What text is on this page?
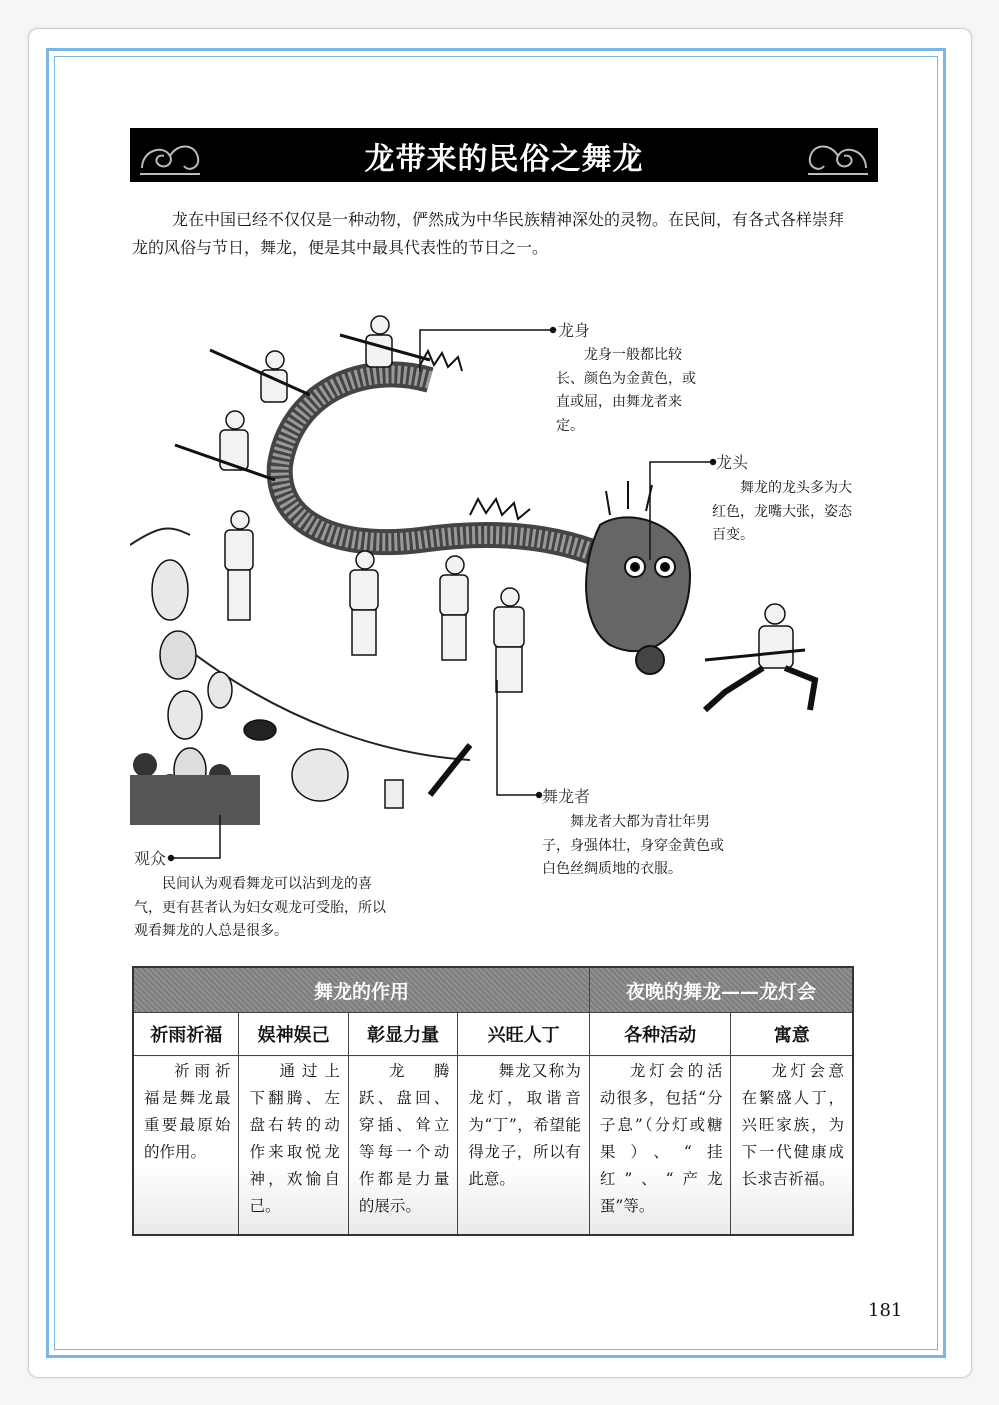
龙带来的民俗之舞龙

龙在中国已经不仅仅是一种动物，俨然成为中华民族精神深处的灵物。在民间，有各式各样崇拜龙的风俗与节日，舞龙，便是其中最具代表性的节日之一。

龙身

龙身一般都比较长、颜色为金黄色，或直或屈，由舞龙者来定。

龙头

舞龙的龙头多为大红色，龙嘴大张，姿态百变。

舞龙者

舞龙者大都为青壮年男子，身强体壮，身穿金黄色或白色丝绸质地的衣服。

观众

民间认为观看舞龙可以沾到龙的喜气，更有甚者认为妇女观龙可受胎，所以观看舞龙的人总是很多。

舞龙的作用				夜晚的舞龙——龙灯会	
祈雨祈福	娱神娱己	彰显力量	兴旺人丁	各种活动	寓意
祈雨祈福是舞龙最重要最原始的作用。	通过上下翻腾、左盘右转的动作来取悦龙神，欢愉自己。	龙腾跃、盘回、穿插、耸立等每一个动作都是力量的展示。	舞龙又称为龙灯，取谐音为“丁”，希望能得龙子，所以有此意。	龙灯会的活动很多，包括“分子息”（分灯或糖果）、“挂红”、“产龙蛋”等。	龙灯会意在繁盛人丁，兴旺家族，为下一代健康成长求吉祈福。
181
